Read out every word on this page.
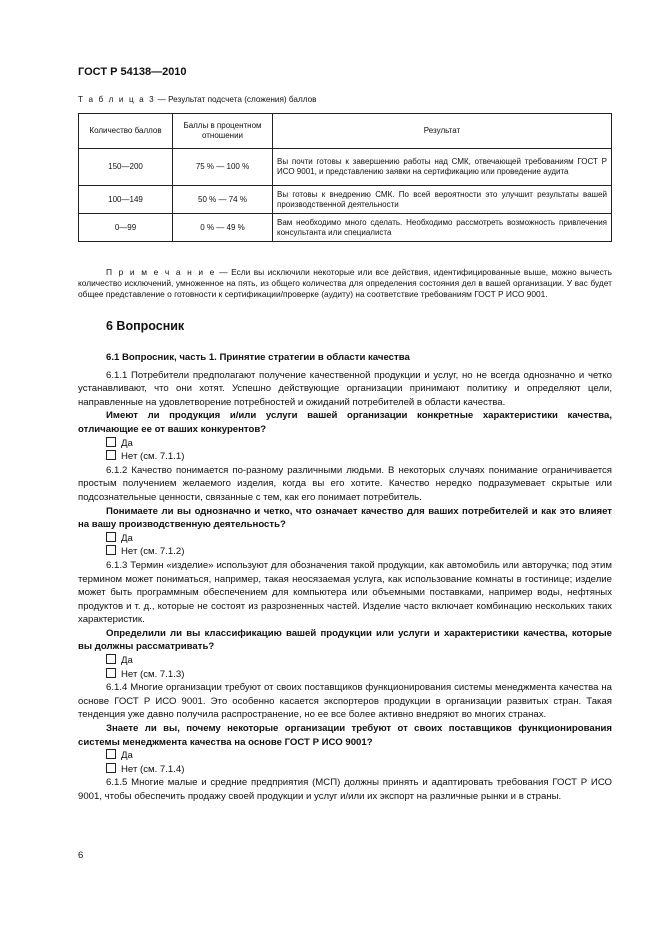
ГОСТ Р 54138—2010
Т а б л и ц а 3 — Результат подсчета (сложения) баллов
Количество баллов	Баллы в процентном отношении	Результат
150—200	75 % — 100 %	Вы почти готовы к завершению работы над СМК, отвечающей требованиям ГОСТ Р ИСО 9001, и представлению заявки на сертификацию или проведение аудита
100—149	50 % — 74 %	Вы готовы к внедрению СМК. По всей вероятности это улучшит результаты вашей производственной деятельности
0—99	0 % — 49 %	Вам необходимо много сделать. Необходимо рассмотреть возможность привлечения консультанта или специалиста
П р и м е ч а н и е — Если вы исключили некоторые или все действия, идентифицированные выше, можно вычесть количество исключений, умноженное на пять, из общего количества для определения состояния дел в вашей организации. У вас будет общее представление о готовности к сертификации/проверке (аудиту) на соответствие требованиям ГОСТ Р ИСО 9001.
6 Вопросник

6.1 Вопросник, часть 1. Принятие стратегии в области качества

6.1.1 Потребители предполагают получение качественной продукции и услуг, но не всегда однозначно и четко устанавливают, что они хотят. Успешно действующие организации принимают политику и определяют цели, направленные на удовлетворение потребностей и ожиданий потребителей в области качества.

Имеют ли продукция и/или услуги вашей организации конкретные характеристики качества, отличающие ее от ваших конкурентов?

Да

Нет (см. 7.1.1)

6.1.2 Качество понимается по-разному различными людьми. В некоторых случаях понимание ограничивается простым получением желаемого изделия, когда вы его хотите. Качество нередко подразумевает скрытые или подсознательные ценности, связанные с тем, как его понимает потребитель.

Понимаете ли вы однозначно и четко, что означает качество для ваших потребителей и как это влияет на вашу производственную деятельность?

Да

Нет (см. 7.1.2)

6.1.3 Термин «изделие» используют для обозначения такой продукции, как автомобиль или авторучка; под этим термином может пониматься, например, такая неосязаемая услуга, как использование комнаты в гостинице; изделие может быть программным обеспечением для компьютера или объемными поставками, например воды, нефтяных продуктов и т. д., которые не состоят из разрозненных частей. Изделие часто включает комбинацию нескольких таких характеристик.

Определили ли вы классификацию вашей продукции или услуги и характеристики качества, которые вы должны рассматривать?

Да

Нет (см. 7.1.3)

6.1.4 Многие организации требуют от своих поставщиков функционирования системы менеджмента качества на основе ГОСТ Р ИСО 9001. Это особенно касается экспортеров продукции в организации развитых стран. Такая тенденция уже давно получила распространение, но ее все более активно внедряют во многих странах.

Знаете ли вы, почему некоторые организации требуют от своих поставщиков функционирования системы менеджмента качества на основе ГОСТ Р ИСО 9001?

Да

Нет (см. 7.1.4)

6.1.5 Многие малые и средние предприятия (МСП) должны принять и адаптировать требования ГОСТ Р ИСО 9001, чтобы обеспечить продажу своей продукции и услуг и/или их экспорт на различные рынки и в страны.

6
